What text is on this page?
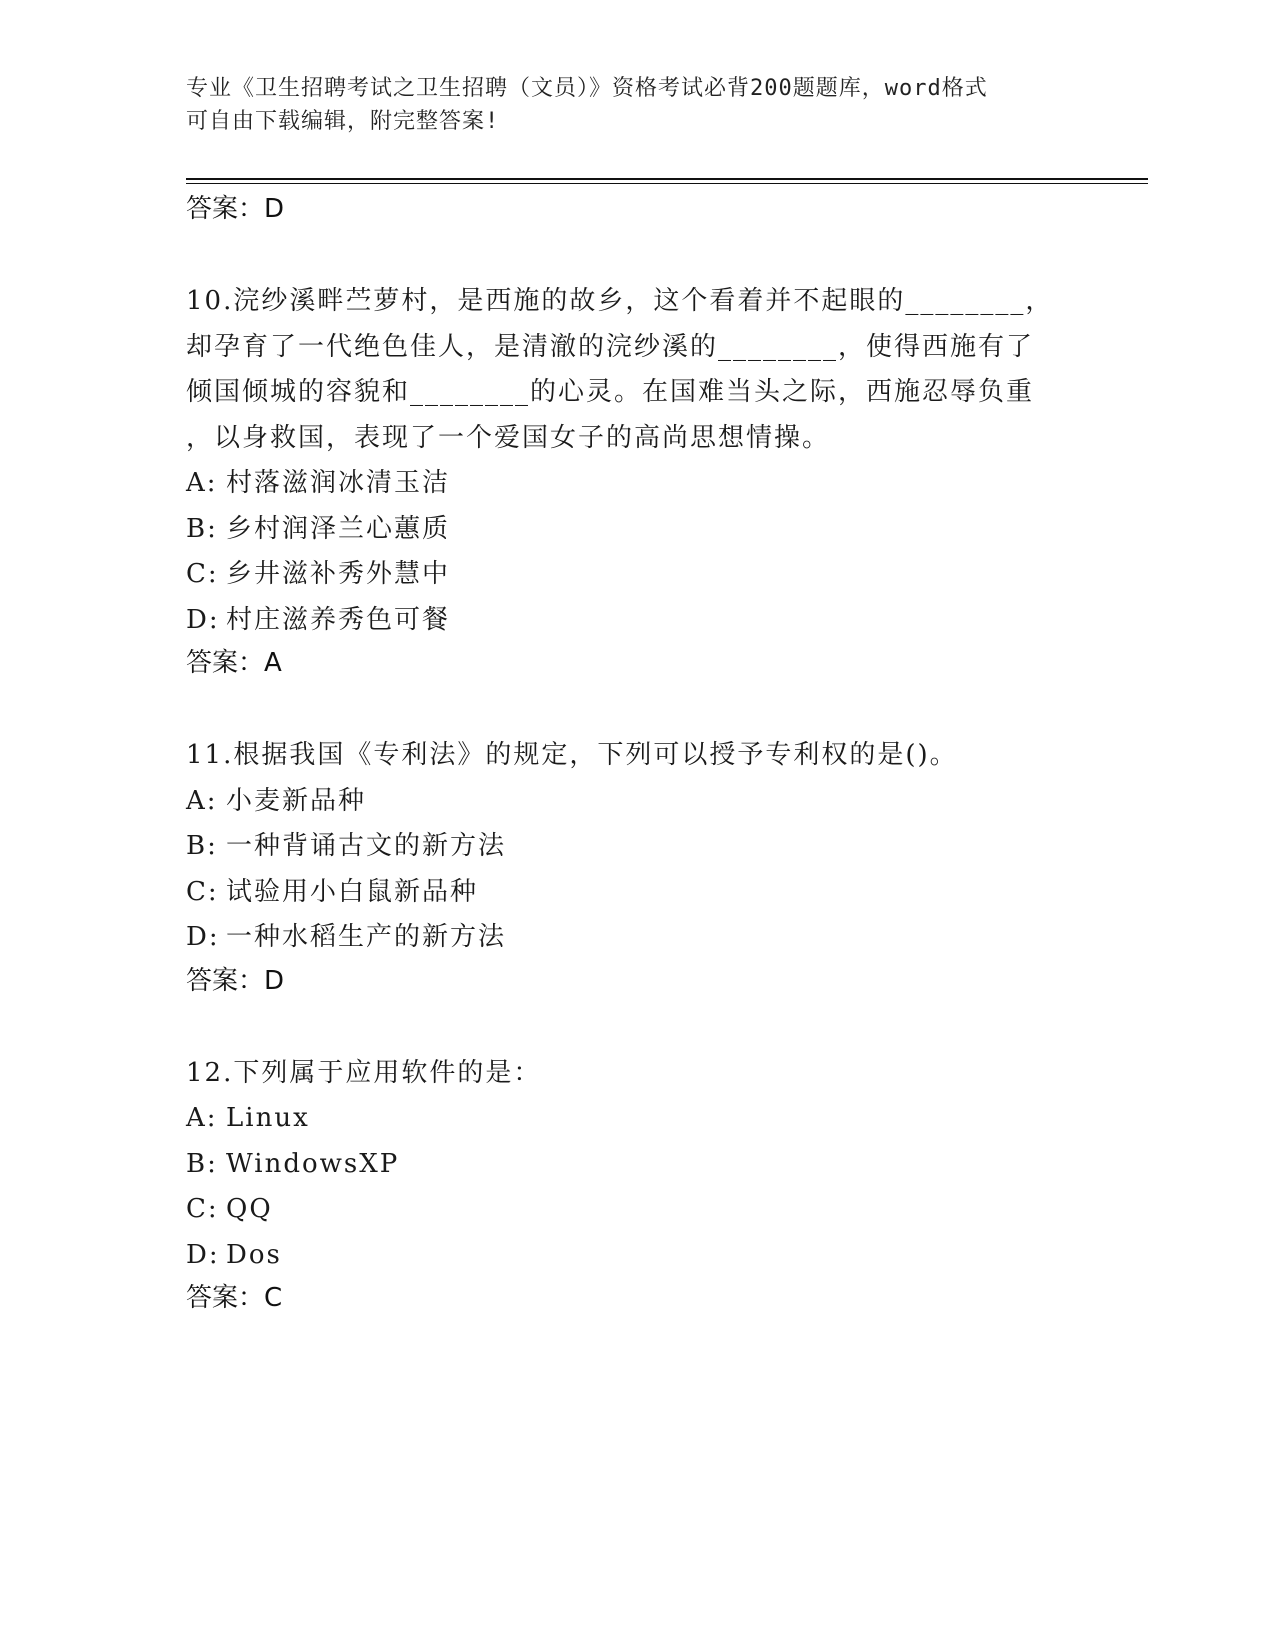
专业《卫生招聘考试之卫生招聘（文员）》资格考试必背200题题库，word格式
可自由下载编辑，附完整答案!
答案：D
10.浣纱溪畔苎萝村，是西施的故乡，这个看着并不起眼的________，
却孕育了一代绝色佳人，是清澈的浣纱溪的________，使得西施有了
倾国倾城的容貌和________的心灵。在国难当头之际，西施忍辱负重
，以身救国，表现了一个爱国女子的高尚思想情操。
A: 村落滋润冰清玉洁
B: 乡村润泽兰心蕙质
C: 乡井滋补秀外慧中
D: 村庄滋养秀色可餐
答案：A
11.根据我国《专利法》的规定，下列可以授予专利权的是()。
A: 小麦新品种
B: 一种背诵古文的新方法
C: 试验用小白鼠新品种
D: 一种水稻生产的新方法
答案：D
12.下列属于应用软件的是：
A: Linux
B: WindowsXP
C: QQ
D: Dos
答案：C
